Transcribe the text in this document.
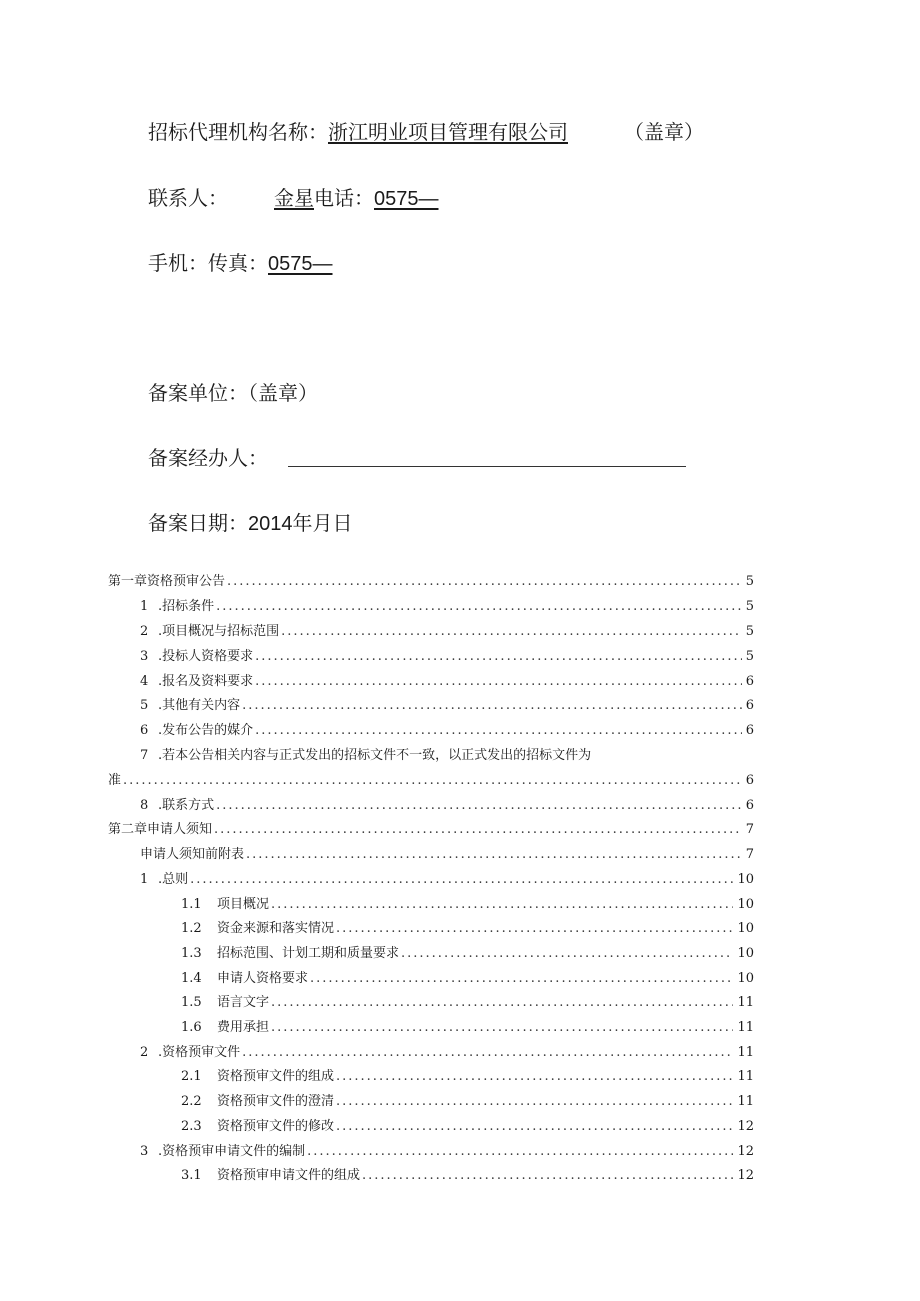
招标代理机构名称：浙江明业项目管理有限公司	（盖章）
联系人： 金星电话：0575—
手机：传真：0575—
备案单位：（盖章）
备案经办人：
备案日期：2014年月日
第一章资格预审公告 .....	5
1 .招标条件 .....	5
2 .项目概况与招标范围 .....	5
3 .投标人资格要求 .....	5
4 .报名及资料要求 .....	6
5 .其他有关内容 .....	6
6 .发布公告的媒介 .....	6
7 .若本公告相关内容与正式发出的招标文件不一致，以正式发出的招标文件为
准 .....	6
8 .联系方式 .....	6
第二章申请人须知 .....	7
申请人须知前附表 .....	7
1 .总则 .....	10
1.1	项目概况 .....	10
1.2	资金来源和落实情况 .....	10
1.3	招标范围、计划工期和质量要求 .....	10
1.4	申请人资格要求 .....	10
1.5	语言文字 .....	11
1.6	费用承担 .....	11
2 .资格预审文件 .....	11
2.1	资格预审文件的组成 .....	11
2.2	资格预审文件的澄清 .....	11
2.3	资格预审文件的修改 .....	12
3 .资格预审申请文件的编制 .....	12
3.1	资格预审申请文件的组成 .....	12
